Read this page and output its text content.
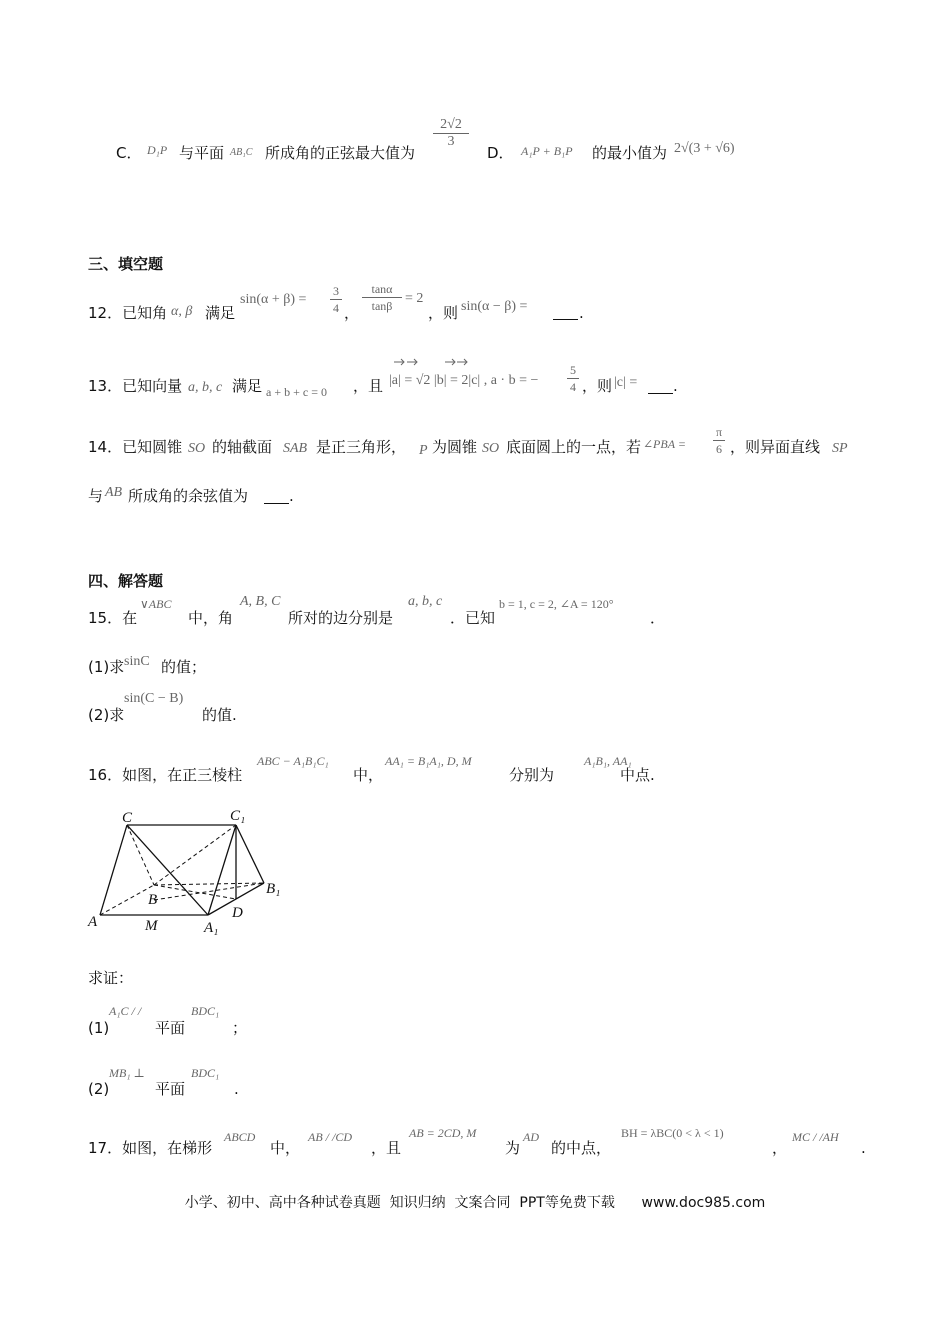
C． D₁P 与平面 AB₁C 所成角的正弦最大值为
2√2
3
D． A₁P + B₁P 的最小值为 2√(3 + √6)
三、填空题
12．已知角 α, β 满足
sin(α + β) =
3
4 ，
tanα
tanβ = 2
，则 sin(α − β) =	.
13．已知向量 a, b, c 满足 a + b + c = 0 ，且 |a| = √2 |b| = 2|c| , a · b = −
5
4 ，则 |c| = .
14．已知圆锥 SO 的轴截面 SAB 是正三角形， P 为圆锥 SO 底面圆上的一点，若 ∠PBA =
π
6 ，则异面直线 SP
与 AB 所成角的余弦值为	.
四、解答题
15．在
∨ABC
中，角
A, B, C
所对的边分别是
a, b, c
．已知
b = 1, c = 2, ∠A = 120°
．
(1)求 sinC 的值；
(2)求
sin(C − B)
的值.
16．如图，在正三棱柱
ABC − A₁B₁C₁
中，
AA₁ = B₁A₁, D, M
分别为
A₁B₁, AA₁
中点.
C	C₁
B
B₁
A	A₁
M
D
求证：
(1)
A₁C / /
平面
BDC₁
；
(2)
MB₁ ⊥
平面
BDC₁
.
17．如图，在梯形
ABCD
中，
AB / /CD
，且
AB = 2CD, M
为
AD
的中点，
BH = λBC(0 < λ < 1)
，
MC / /AH
.
小学、初中、高中各种试卷真题  知识归纳  文案合同  PPT等免费下载      www.doc985.com
